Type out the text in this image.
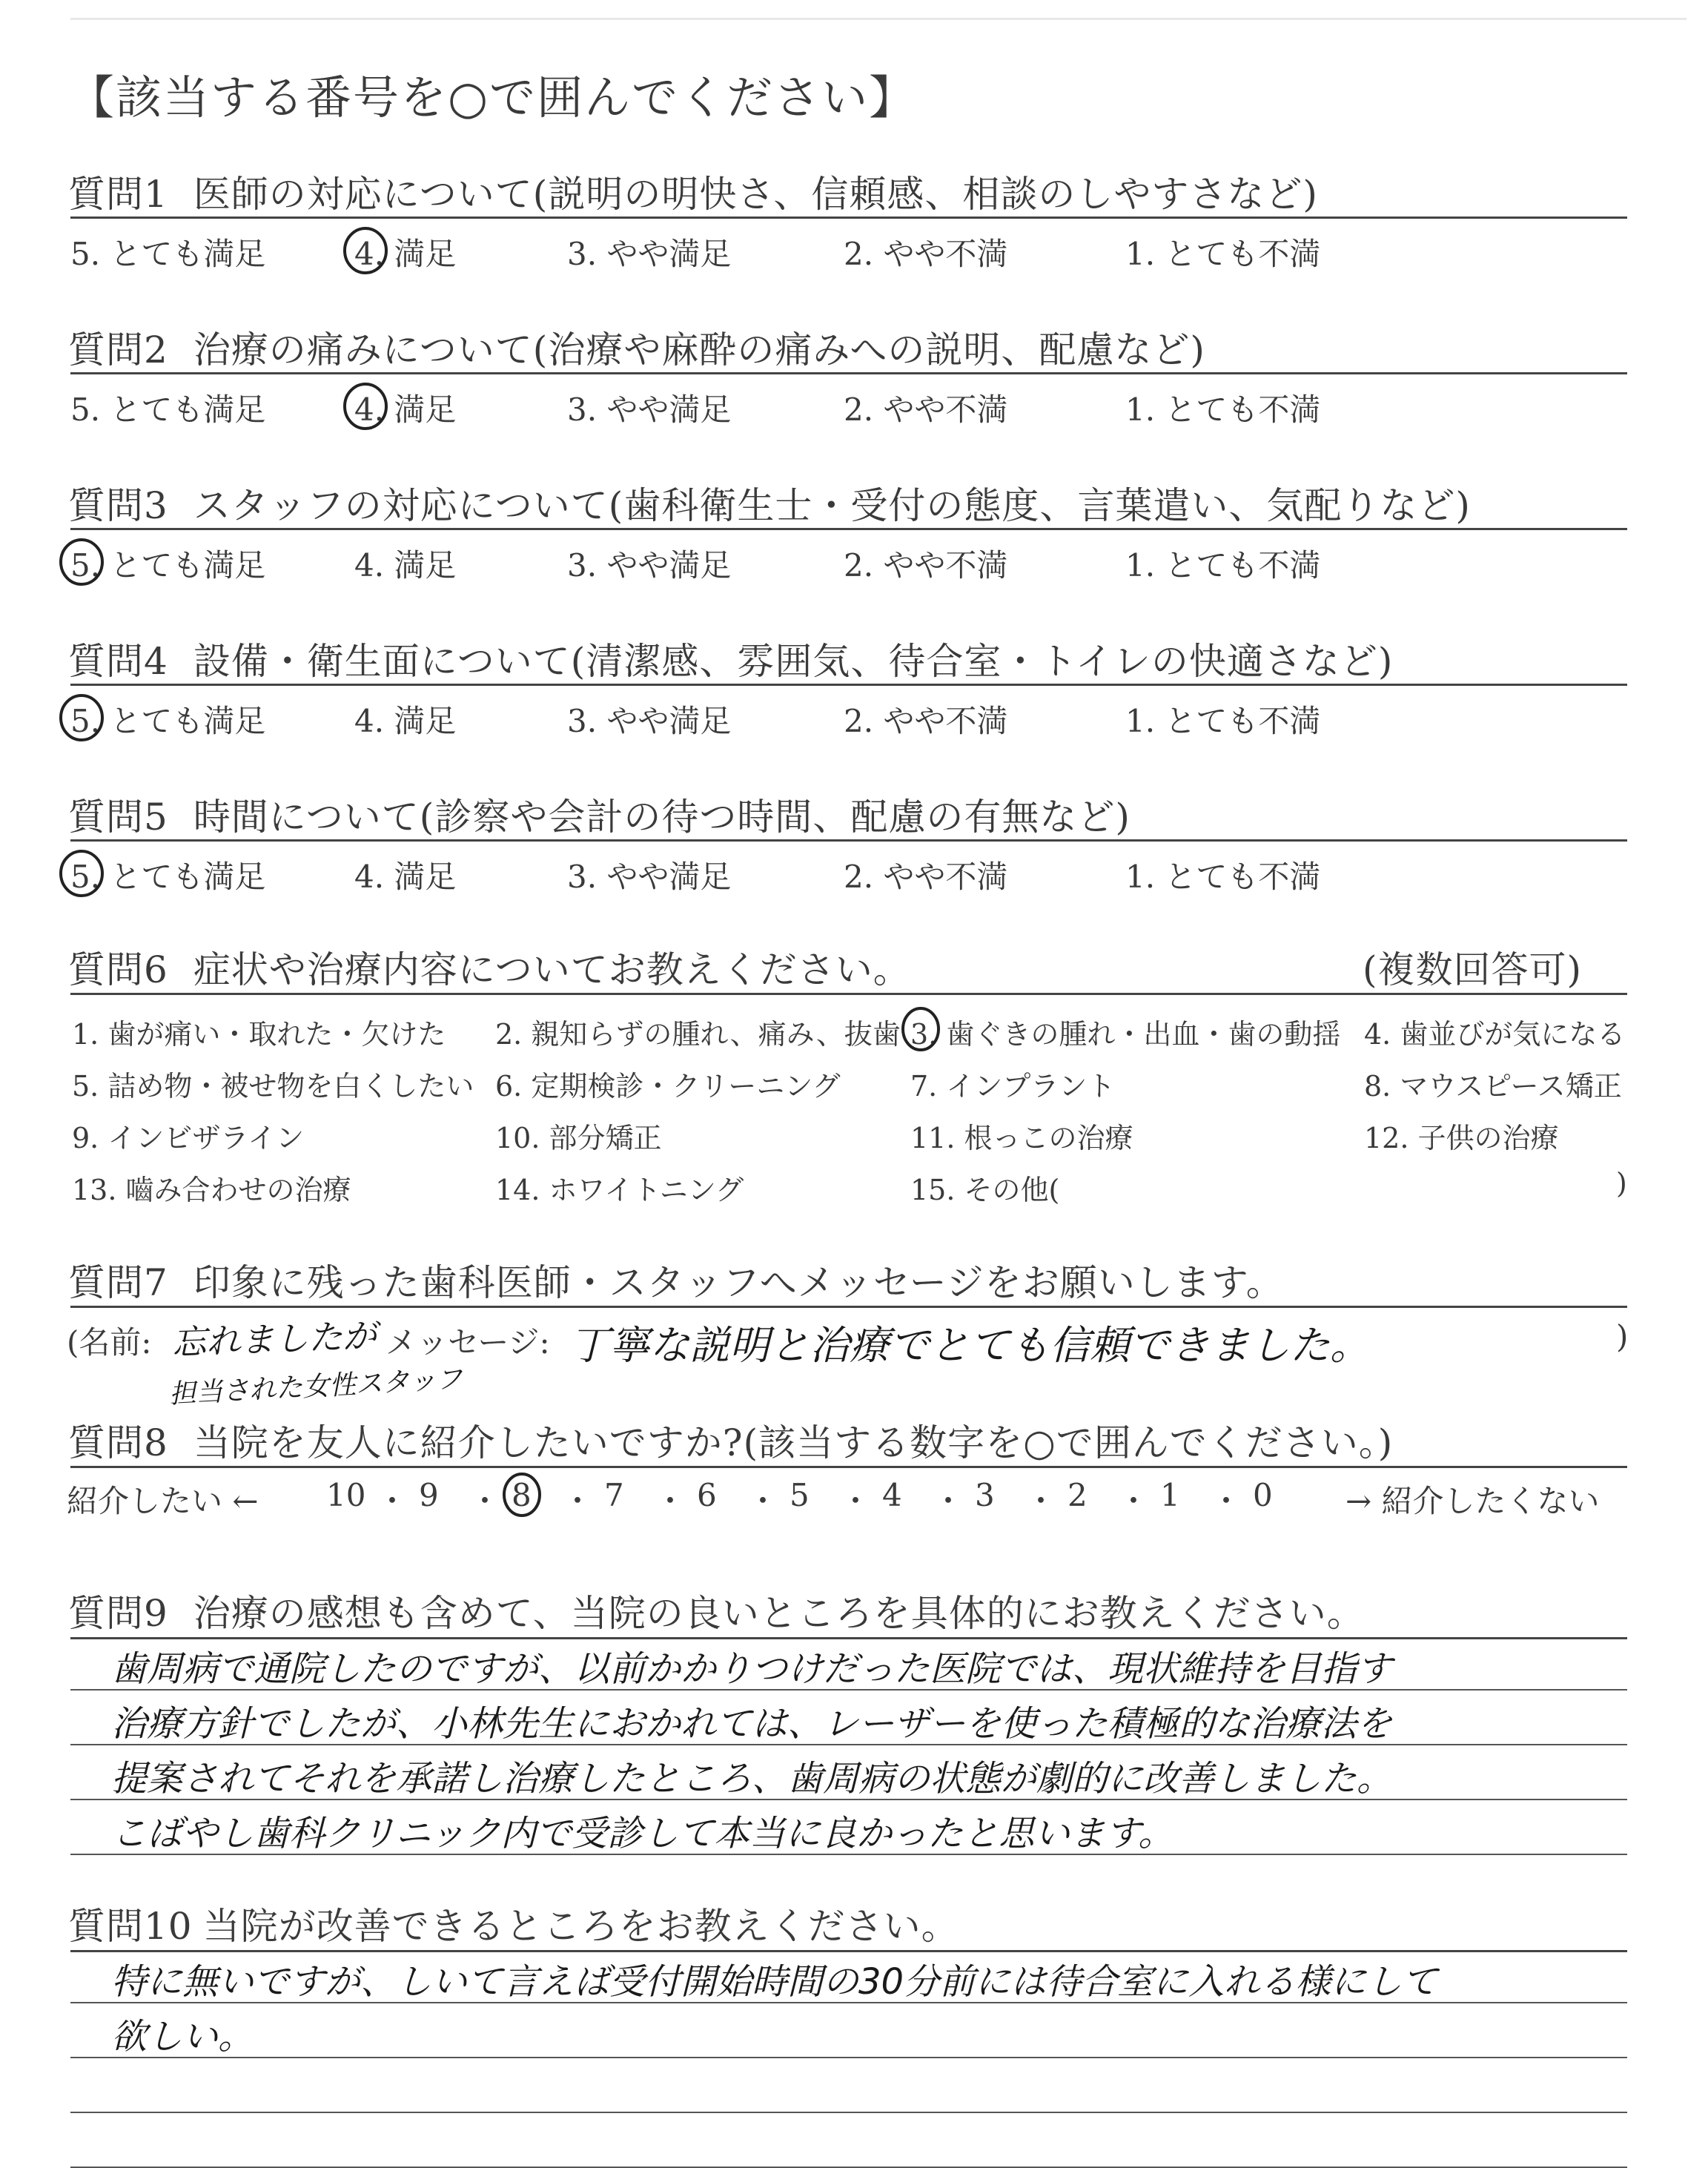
【該当する番号を○で囲んでください】
質問1 医師の対応について(説明の明快さ、信頼感、相談のしやすさなど)
5. とても満足	4. 満足	3. やや満足	2. やや不満	1. とても不満
質問2 治療の痛みについて(治療や麻酔の痛みへの説明、配慮など)
5. とても満足	4. 満足	3. やや満足	2. やや不満	1. とても不満
質問3 スタッフの対応について(歯科衛生士・受付の態度、言葉遣い、気配りなど)
5. とても満足	4. 満足	3. やや満足	2. やや不満	1. とても不満
質問4 設備・衛生面について(清潔感、雰囲気、待合室・トイレの快適さなど)
5. とても満足	4. 満足	3. やや満足	2. やや不満	1. とても不満
質問5 時間について(診察や会計の待つ時間、配慮の有無など)
5. とても満足	4. 満足	3. やや満足	2. やや不満	1. とても不満
質問6 症状や治療内容についてお教えください。	(複数回答可)
1. 歯が痛い・取れた・欠けた 2. 親知らずの腫れ、痛み、抜歯 3. 歯ぐきの腫れ・出血・歯の動揺 4. 歯並びが気になる
5. 詰め物・被せ物を白くしたい 6. 定期検診・クリーニング 7. インプラント	8. マウスピース矯正
9. インビザライン	10. 部分矯正	11. 根っこの治療	12. 子供の治療
13. 嚙み合わせの治療	14. ホワイトニング	15. その他(	)
質問7 印象に残った歯科医師・スタッフへメッセージをお願いします。
(名前: 忘れましたが
担当された女性スタッフ
メッセージ: 丁寧な説明と治療でとても信頼できました。	)
質問8 当院を友人に紹介したいですか?(該当する数字を○で囲んでください。)
紹介したい ← 10 ・ 9 ・ 8 ・ 7 ・ 6 ・ 5 ・ 4 ・ 3 ・ 2 ・ 1 ・ 0 → 紹介したくない
質問9 治療の感想も含めて、当院の良いところを具体的にお教えください。
歯周病で通院したのですが、以前かかりつけだった医院では、現状維持を目指す
治療方針でしたが、小林先生におかれては、レーザーを使った積極的な治療法を
提案されてそれを承諾し治療したところ、歯周病の状態が劇的に改善しました。
こばやし歯科クリニック内で受診して本当に良かったと思います。
質問10 当院が改善できるところをお教えください。
特に無いですが、しいて言えば受付開始時間の30分前には待合室に入れる様にして
欲しい。
